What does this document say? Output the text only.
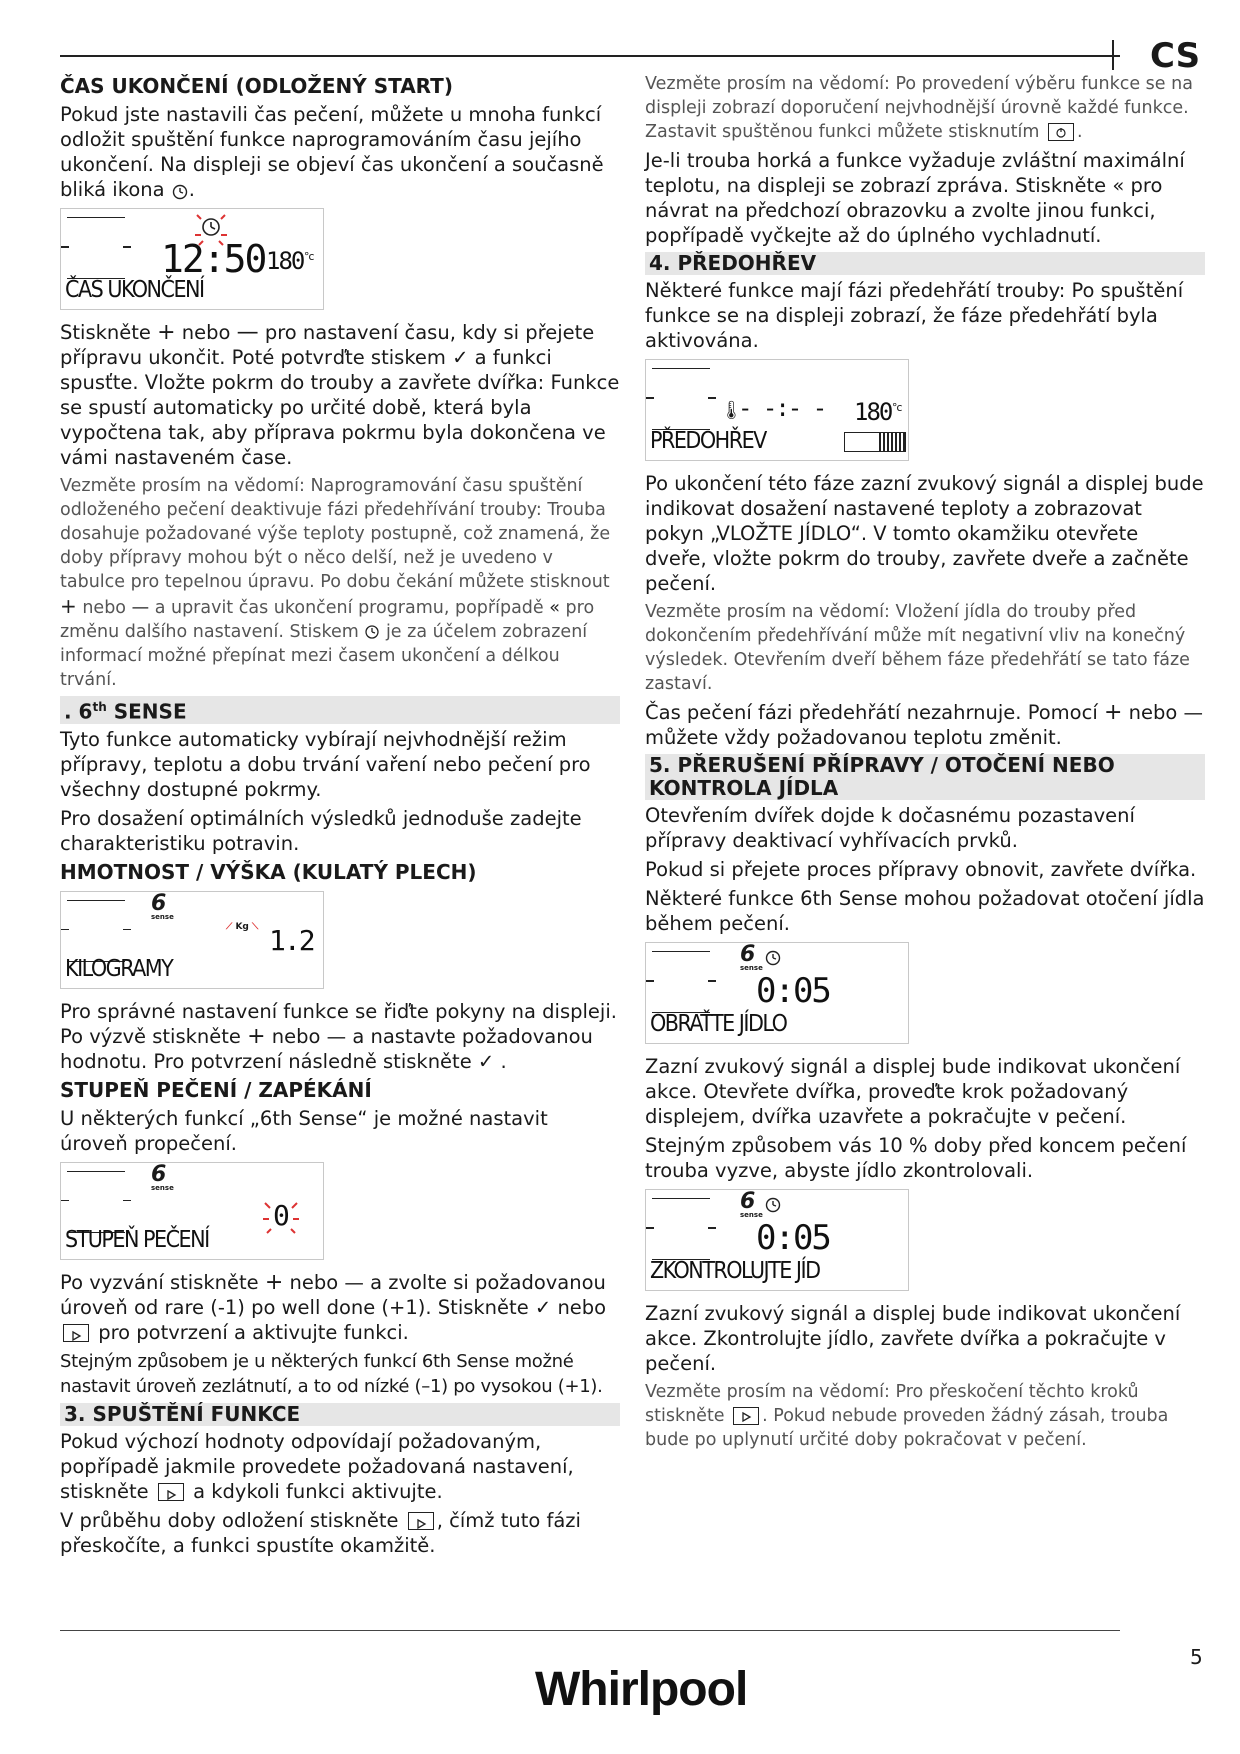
CS
ČAS UKONČENÍ (ODLOŽENÝ START)

Pokud jste nastavili čas pečení, můžete u mnoha funkcí odložit spuštění funkce naprogramováním času jejího ukončení. Na displeji se objeví čas ukončení a současně bliká ikona .

12:50 $180^{^\circ c}$
ČAS UKONČENÍ

Stiskněte + nebo — pro nastavení času, kdy si přejete přípravu ukončit. Poté potvrďte stiskem ✓ a funkci spusťte. Vložte pokrm do trouby a zavřete dvířka: Funkce se spustí automaticky po určité době, která byla vypočtena tak, aby příprava pokrmu byla dokončena ve vámi nastaveném čase.

Vezměte prosím na vědomí: Naprogramování času spuštění odloženého pečení deaktivuje fázi předehřívání trouby: Trouba dosahuje požadované výše teploty postupně, což znamená, že doby přípravy mohou být o něco delší, než je uvedeno v tabulce pro tepelnou úpravu. Po dobu čekání můžete stisknout + nebo — a upravit čas ukončení programu, popřípadě « pro změnu dalšího nastavení. Stiskem je za účelem zobrazení informací možné přepínat mezi časem ukončení a délkou trvání.

. 6th SENSE

Tyto funkce automaticky vybírají nejvhodnější režim přípravy, teplotu a dobu trvání vaření nebo pečení pro všechny dostupné pokrmy.

Pro dosažení optimálních výsledků jednoduše zadejte charakteristiku potravin.

HMOTNOST / VÝŠKA (KULATÝ PLECH)
6
sense
⟋ Kg ⟍ 1.2
KILOGRAMY

Pro správné nastavení funkce se řiďte pokyny na displeji. Po výzvě stiskněte + nebo — a nastavte požadovanou hodnotu. Pro potvrzení následně stiskněte ✓ .

STUPEŇ PEČENÍ / ZAPÉKÁNÍ

U některých funkcí „6th Sense“ je možné nastavit úroveň propečení.

6
sense
0
STUPEŇ PEČENÍ

Po vyzvání stiskněte + nebo — a zvolte si požadovanou úroveň od rare (-1) po well done (+1). Stiskněte ✓ nebo  pro potvrzení a aktivujte funkci.

Stejným způsobem je u některých funkcí 6th Sense možné nastavit úroveň zezlátnutí, a to od nízké (–1) po vysokou (+1).

3. SPUŠTĚNÍ FUNKCE

Pokud výchozí hodnoty odpovídají požadovaným, popřípadě jakmile provedete požadovaná nastavení, stiskněte a kdykoli funkci aktivujte.

V průběhu doby odložení stiskněte , čímž tuto fázi přeskočíte, a funkci spustíte okamžitě.

Vezměte prosím na vědomí: Po provedení výběru funkce se na displeji zobrazí doporučení nejvhodnější úrovně každé funkce. Zastavit spuštěnou funkci můžete stisknutím .

Je-li trouba horká a funkce vyžaduje zvláštní maximální teplotu, na displeji se zobrazí zpráva. Stiskněte « pro návrat na předchozí obrazovku a zvolte jinou funkci, popřípadě vyčkejte až do úplného vychladnutí.

4. PŘEDOHŘEV

Některé funkce mají fázi předehřátí trouby: Po spuštění funkce se na displeji zobrazí, že fáze předehřátí byla aktivována.

🌡
- -:- - $180^{^\circ c}$
PŘEDOHŘEV

Po ukončení této fáze zazní zvukový signál a displej bude indikovat dosažení nastavené teploty a zobrazovat pokyn „VLOŽTE JÍDLO“. V tomto okamžiku otevřete dveře, vložte pokrm do trouby, zavřete dveře a začněte pečení.

Vezměte prosím na vědomí: Vložení jídla do trouby před dokončením předehřívání může mít negativní vliv na konečný výsledek. Otevřením dveří během fáze předehřátí se tato fáze zastaví.

Čas pečení fázi předehřátí nezahrnuje. Pomocí + nebo — můžete vždy požadovanou teplotu změnit.

5. PŘERUŠENÍ PŘÍPRAVY / OTOČENÍ NEBO KONTROLA JÍDLA

Otevřením dvířek dojde k dočasnému pozastavení přípravy deaktivací vyhřívacích prvků.

Pokud si přejete proces přípravy obnovit, zavřete dvířka.

Některé funkce 6th Sense mohou požadovat otočení jídla během pečení.

6
sense
0:05
OBRAŤTE JÍDLO

Zazní zvukový signál a displej bude indikovat ukončení akce. Otevřete dvířka, proveďte krok požadovaný displejem, dvířka uzavřete a pokračujte v pečení.

Stejným způsobem vás 10 % doby před koncem pečení trouba vyzve, abyste jídlo zkontrolovali.

6
sense
0:05
ZKONTROLUJTE JÍD

Zazní zvukový signál a displej bude indikovat ukončení akce. Zkontrolujte jídlo, zavřete dvířka a pokračujte v pečení.

Vezměte prosím na vědomí: Pro přeskočení těchto kroků stiskněte . Pokud nebude proveden žádný zásah, trouba bude po uplynutí určité doby pokračovat v pečení.

5
Whirlpool
